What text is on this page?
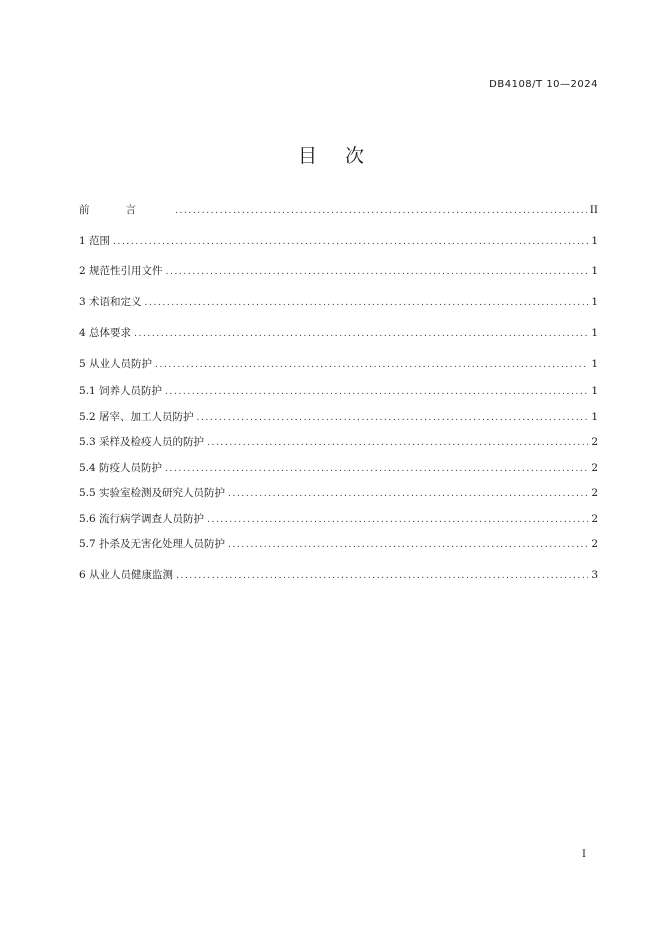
DB4108/T 10—2024
目次
前言 .....	II
1 范围 .....	1
2 规范性引用文件 .....	1
3 术语和定义 .....	1
4 总体要求 .....	1
5 从业人员防护 .....	1
5.1 饲养人员防护 .....	1
5.2 屠宰、加工人员防护 .....	1
5.3 采样及检疫人员的防护 .....	2
5.4 防疫人员防护 .....	2
5.5 实验室检测及研究人员防护 .....	2
5.6 流行病学调查人员防护 .....	2
5.7 扑杀及无害化处理人员防护 .....	2
6 从业人员健康监测 .....	3
I
